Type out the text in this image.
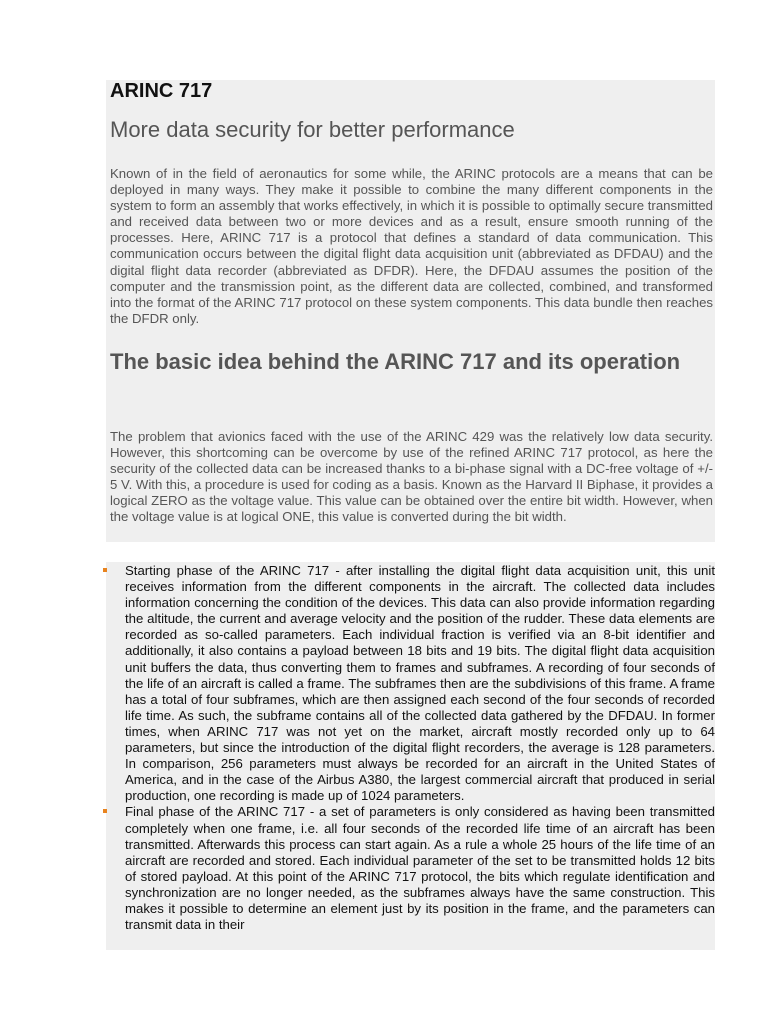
ARINC 717
More data security for better performance

Known of in the field of aeronautics for some while, the ARINC protocols are a means that can be deployed in many ways. They make it possible to combine the many different components in the system to form an assembly that works effectively, in which it is possible to optimally secure transmitted and received data between two or more devices and as a result, ensure smooth running of the processes. Here, ARINC 717 is a protocol that defines a standard of data communication. This communication occurs between the digital flight data acquisition unit (abbreviated as DFDAU) and the digital flight data recorder (abbreviated as DFDR). Here, the DFDAU assumes the position of the computer and the transmission point, as the different data are collected, combined, and transformed into the format of the ARINC 717 protocol on these system components. This data bundle then reaches the DFDR only.

The basic idea behind the ARINC 717 and its operation

The problem that avionics faced with the use of the ARINC 429 was the relatively low data security. However, this shortcoming can be overcome by use of the refined ARINC 717 protocol, as here the security of the collected data can be increased thanks to a bi-phase signal with a DC-free voltage of +/- 5 V. With this, a procedure is used for coding as a basis. Known as the Harvard II Biphase, it provides a logical ZERO as the voltage value. This value can be obtained over the entire bit width. However, when the voltage value is at logical ONE, this value is converted during the bit width.

Starting phase of the ARINC 717 - after installing the digital flight data acquisition unit, this unit receives information from the different components in the aircraft. The collected data includes information concerning the condition of the devices. This data can also provide information regarding the altitude, the current and average velocity and the position of the rudder. These data elements are recorded as so-called parameters. Each individual fraction is verified via an 8-bit identifier and additionally, it also contains a payload between 18 bits and 19 bits. The digital flight data acquisition unit buffers the data, thus converting them to frames and subframes. A recording of four seconds of the life of an aircraft is called a frame. The subframes then are the subdivisions of this frame. A frame has a total of four subframes, which are then assigned each second of the four seconds of recorded life time. As such, the subframe contains all of the collected data gathered by the DFDAU. In former times, when ARINC 717 was not yet on the market, aircraft mostly recorded only up to 64 parameters, but since the introduction of the digital flight recorders, the average is 128 parameters. In comparison, 256 parameters must always be recorded for an aircraft in the United States of America, and in the case of the Airbus A380, the largest commercial aircraft that produced in serial production, one recording is made up of 1024 parameters.
Final phase of the ARINC 717 - a set of parameters is only considered as having been transmitted completely when one frame, i.e. all four seconds of the recorded life time of an aircraft has been transmitted. Afterwards this process can start again. As a rule a whole 25 hours of the life time of an aircraft are recorded and stored. Each individual parameter of the set to be transmitted holds 12 bits of stored payload. At this point of the ARINC 717 protocol, the bits which regulate identification and synchronization are no longer needed, as the subframes always have the same construction. This makes it possible to determine an element just by its position in the frame, and the parameters can transmit data in their
